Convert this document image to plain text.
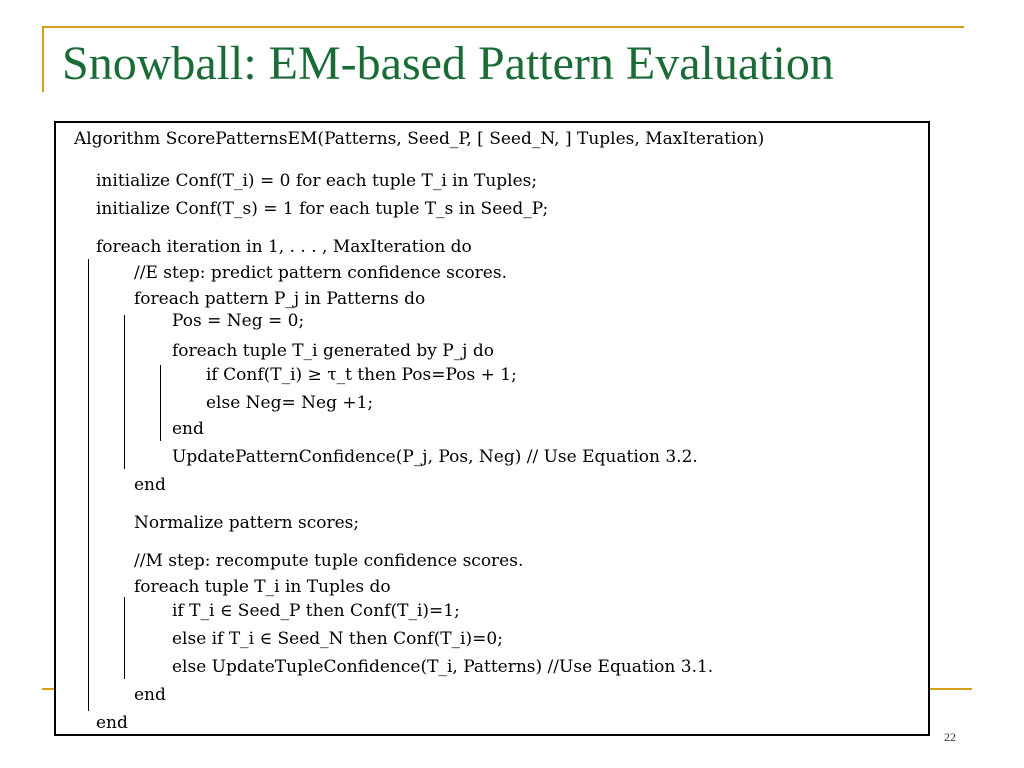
Snowball: EM-based Pattern Evaluation
Algorithm ScorePatternsEM(Patterns, Seed_P, [ Seed_N, ] Tuples, MaxIteration)
initialize Conf(T_i) = 0 for each tuple T_i in Tuples;
initialize Conf(T_s) = 1 for each tuple T_s in Seed_P;
foreach iteration in 1, . . . , MaxIteration do
//E step: predict pattern confidence scores.
foreach pattern P_j in Patterns do
Pos = Neg = 0;
foreach tuple T_i generated by P_j do
if Conf(T_i) ≥ τ_t then Pos=Pos + 1;
else Neg= Neg +1;
end
UpdatePatternConfidence(P_j, Pos, Neg) // Use Equation 3.2.
end
Normalize pattern scores;
//M step: recompute tuple confidence scores.
foreach tuple T_i in Tuples do
if T_i ∈ Seed_P then Conf(T_i)=1;
else if T_i ∈ Seed_N then Conf(T_i)=0;
else UpdateTupleConfidence(T_i, Patterns) //Use Equation 3.1.
end
end
22
